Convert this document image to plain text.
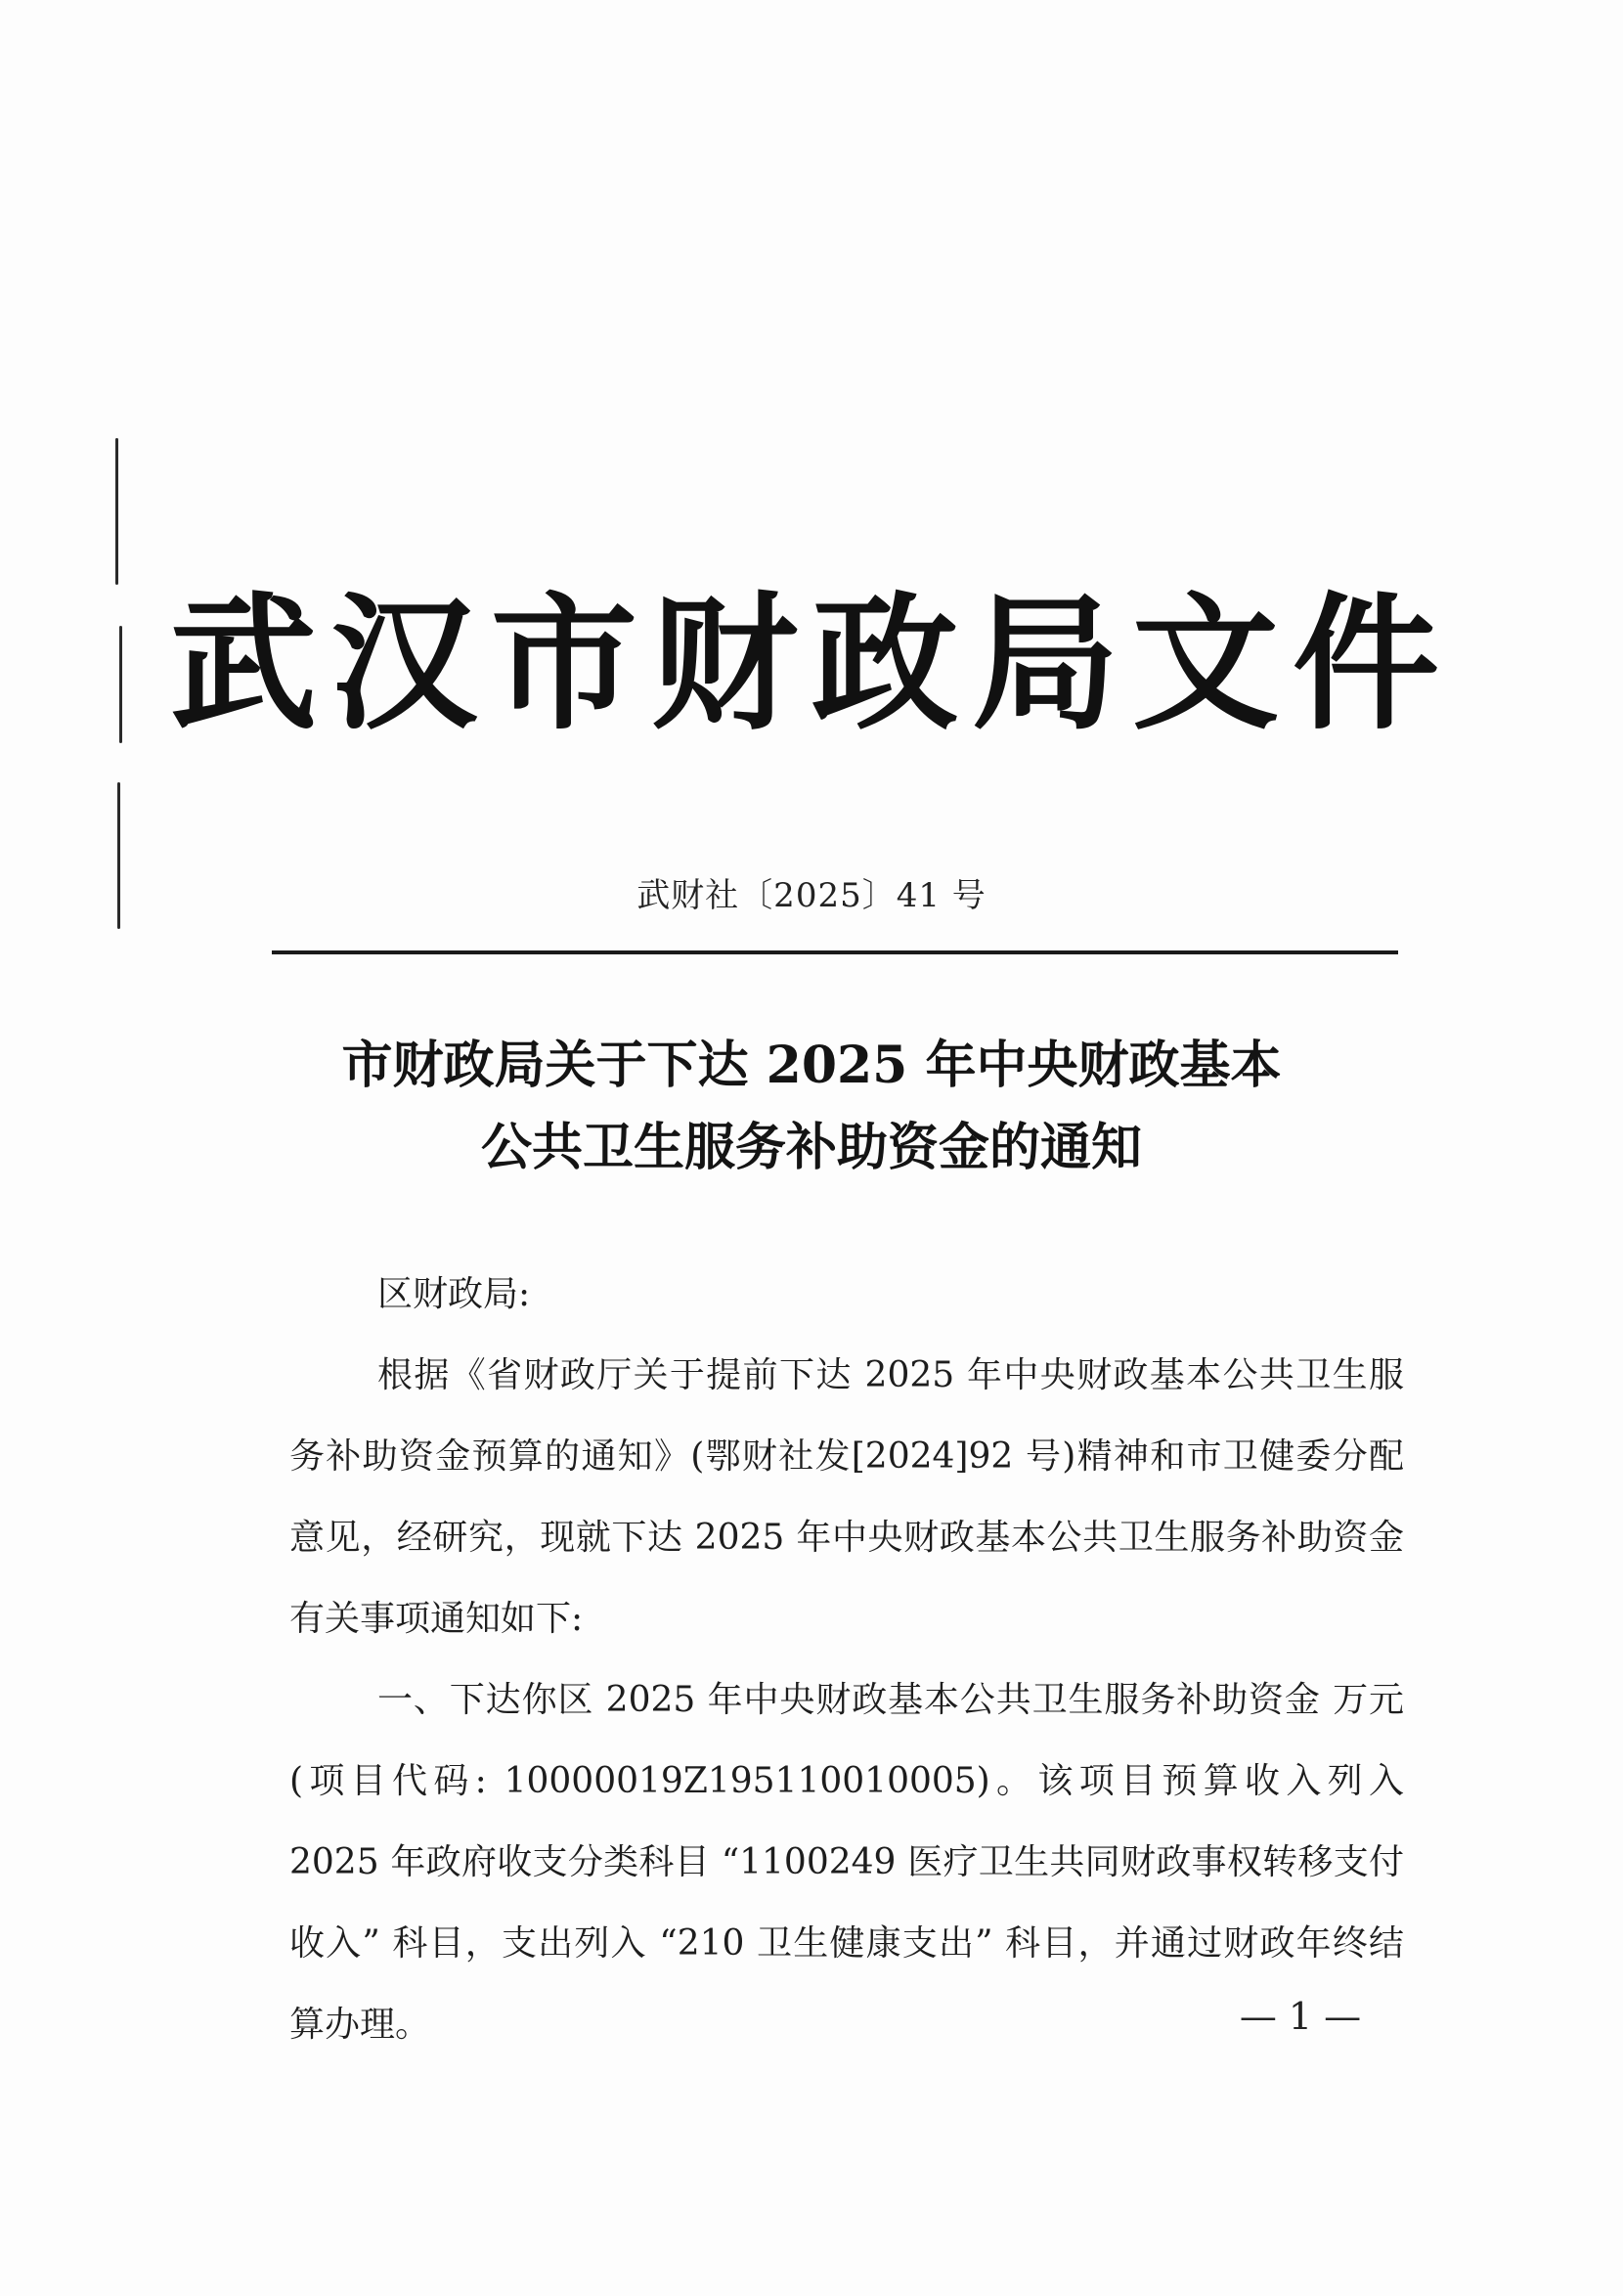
武汉市财政局文件
武财社〔2025〕41 号
市财政局关于下达 2025 年中央财政基本
公共卫生服务补助资金的通知

区财政局:

根据《省财政厅关于提前下达 2025 年中央财政基本公共卫生服务补助资金预算的通知》(鄂财社发[2024]92 号)精神和市卫健委分配意见，经研究，现就下达 2025 年中央财政基本公共卫生服务补助资金有关事项通知如下:

一、下达你区 2025 年中央财政基本公共卫生服务补助资金 万元(项目代码: 10000019Z195110010005)。该项目预算收入列入 2025 年政府收支分类科目 “1100249 医疗卫生共同财政事权转移支付收入” 科目，支出列入 “210 卫生健康支出” 科目，并通过财政年终结算办理。	— 1 —
